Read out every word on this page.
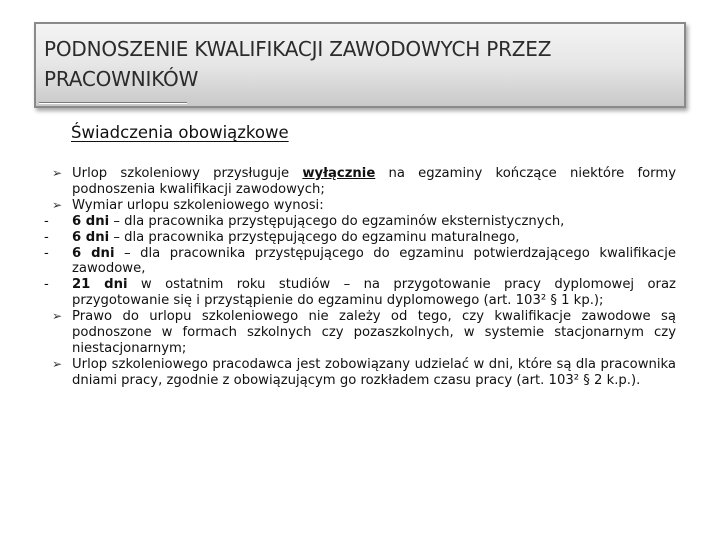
PODNOSZENIE KWALIFIKACJI ZAWODOWYCH PRZEZ PRACOWNIKÓW
Świadczenia obowiązkowe
➢ Urlop szkoleniowy przysługuje wyłącznie na egzaminy kończące niektóre formy podnoszenia kwalifikacji zawodowych;
➢ Wymiar urlopu szkoleniowego wynosi:
-	6 dni – dla pracownika przystępującego do egzaminów eksternistycznych,
-	6 dni – dla pracownika przystępującego do egzaminu maturalnego,
-	6 dni – dla pracownika przystępującego do egzaminu potwierdzającego kwalifikacje zawodowe,
-	21 dni w ostatnim roku studiów – na przygotowanie pracy dyplomowej oraz przygotowanie się i przystąpienie do egzaminu dyplomowego (art. 103² § 1 kp.);
➢ Prawo do urlopu szkoleniowego nie zależy od tego, czy kwalifikacje zawodowe są podnoszone w formach szkolnych czy pozaszkolnych, w systemie stacjonarnym czy niestacjonarnym;
➢ Urlop szkoleniowego pracodawca jest zobowiązany udzielać w dni, które są dla pracownika dniami pracy, zgodnie z obowiązującym go rozkładem czasu pracy (art. 103² § 2 k.p.).
